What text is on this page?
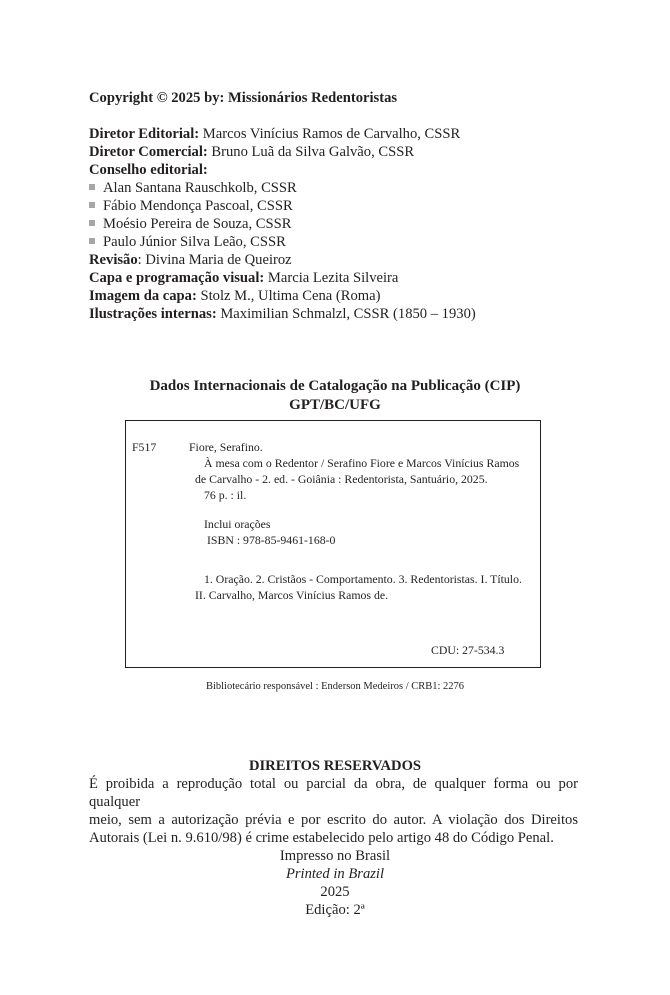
Copyright © 2025 by: Missionários Redentoristas
Diretor Editorial: Marcos Vinícius Ramos de Carvalho, CSSR
Diretor Comercial: Bruno Luã da Silva Galvão, CSSR
Conselho editorial:
Alan Santana Rauschkolb, CSSR
Fábio Mendonça Pascoal, CSSR
Moésio Pereira de Souza, CSSR
Paulo Júnior Silva Leão, CSSR
Revisão: Divina Maria de Queiroz
Capa e programação visual: Marcia Lezita Silveira
Imagem da capa: Stolz M., Ultima Cena (Roma)
Ilustrações internas: Maximilian Schmalzl, CSSR (1850 – 1930)
Dados Internacionais de Catalogação na Publicação (CIP)
GPT/BC/UFG
F517	Fiore, Serafino.
À mesa com o Redentor / Serafino Fiore e Marcos Vinícius Ramos
de Carvalho - 2. ed. - Goiânia : Redentorista, Santuário, 2025.
76 p. : il.
Inclui orações
ISBN : 978-85-9461-168-0
1. Oração. 2. Cristãos - Comportamento. 3. Redentoristas. I. Título.
II. Carvalho, Marcos Vinícius Ramos de.
CDU: 27-534.3
Bibliotecário responsável : Enderson Medeiros / CRB1: 2276
DIREITOS RESERVADOS
É proibida a reprodução total ou parcial da obra, de qualquer forma ou por qualquer
meio, sem a autorização prévia e por escrito do autor. A violação dos Direitos
Autorais (Lei n. 9.610/98) é crime estabelecido pelo artigo 48 do Código Penal.
Impresso no Brasil
Printed in Brazil
2025
Edição: 2ª
